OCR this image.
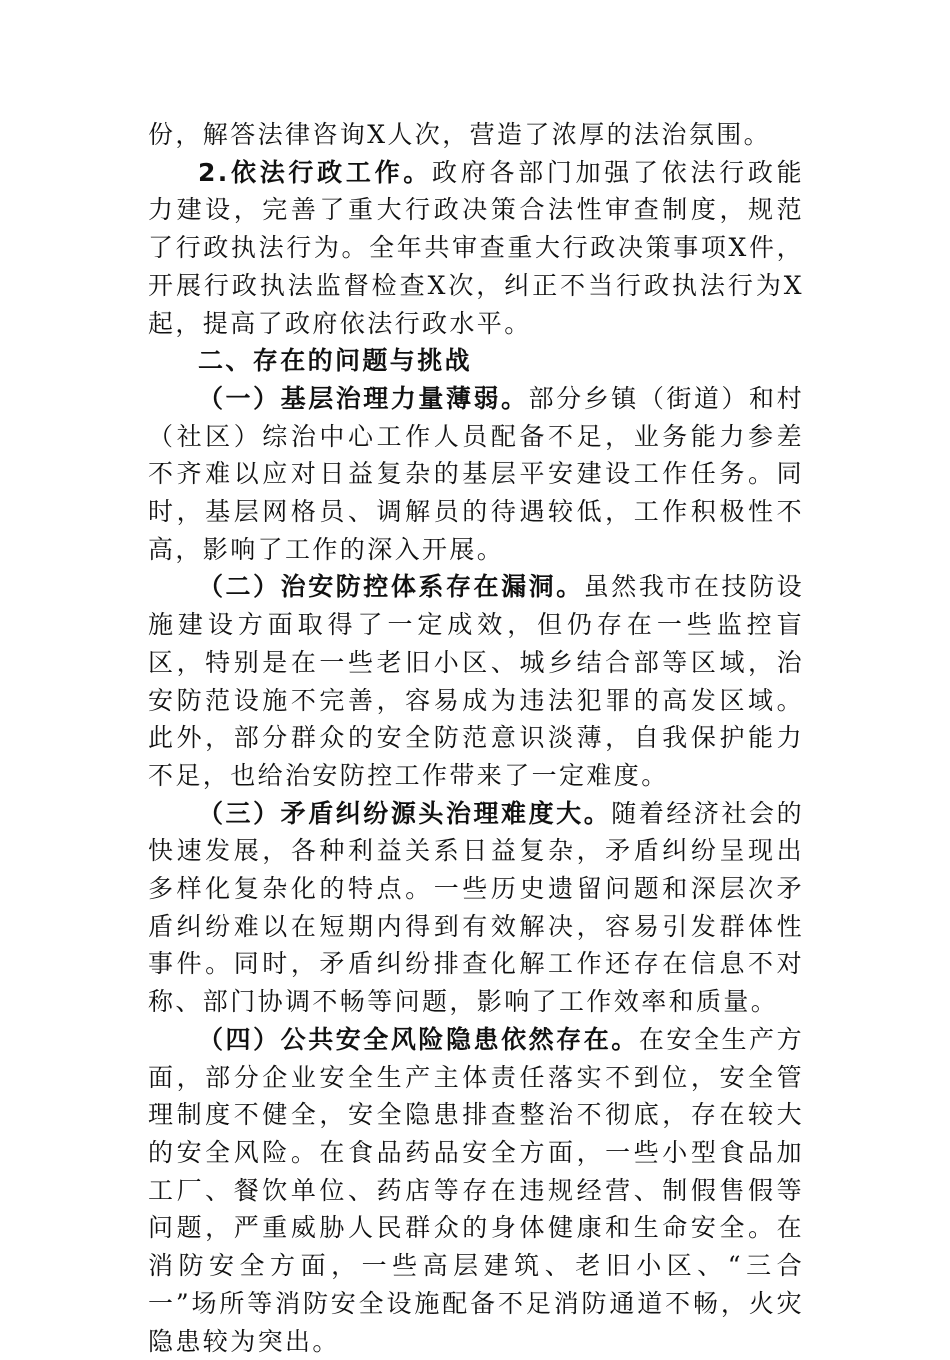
份，解答法律咨询X人次，营造了浓厚的法治氛围。

2.依法行政工作。政府各部门加强了依法行政能力建设，完善了重大行政决策合法性审查制度，规范了行政执法行为。全年共审查重大行政决策事项X件，开展行政执法监督检查X次，纠正不当行政执法行为X起，提高了政府依法行政水平。

二、存在的问题与挑战

（一）基层治理力量薄弱。部分乡镇（街道）和村（社区）综治中心工作人员配备不足，业务能力参差不齐难以应对日益复杂的基层平安建设工作任务。同时，基层网格员、调解员的待遇较低，工作积极性不高，影响了工作的深入开展。

（二）治安防控体系存在漏洞。虽然我市在技防设施建设方面取得了一定成效，但仍存在一些监控盲区，特别是在一些老旧小区、城乡结合部等区域，治安防范设施不完善，容易成为违法犯罪的高发区域。此外，部分群众的安全防范意识淡薄，自我保护能力不足，也给治安防控工作带来了一定难度。

（三）矛盾纠纷源头治理难度大。随着经济社会的快速发展，各种利益关系日益复杂，矛盾纠纷呈现出多样化复杂化的特点。一些历史遗留问题和深层次矛盾纠纷难以在短期内得到有效解决，容易引发群体性事件。同时，矛盾纠纷排查化解工作还存在信息不对称、部门协调不畅等问题，影响了工作效率和质量。

（四）公共安全风险隐患依然存在。在安全生产方面，部分企业安全生产主体责任落实不到位，安全管理制度不健全，安全隐患排查整治不彻底，存在较大的安全风险。在食品药品安全方面，一些小型食品加工厂、餐饮单位、药店等存在违规经营、制假售假等问题，严重威胁人民群众的身体健康和生命安全。在消防安全方面，一些高层建筑、老旧小区、“三合一”场所等消防安全设施配备不足消防通道不畅，火灾隐患较为突出。
